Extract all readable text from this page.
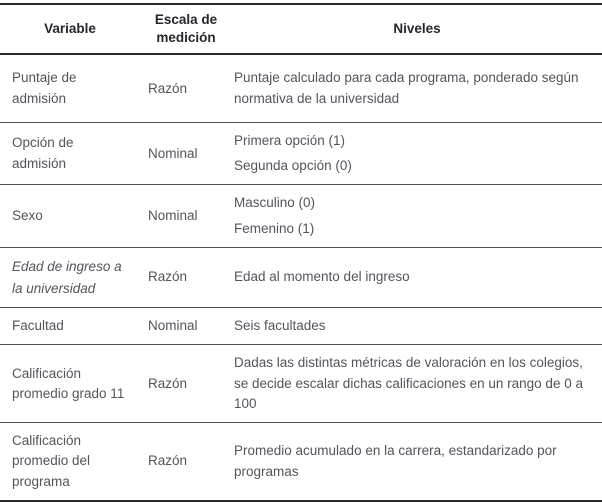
Variable	Escala de medición	Niveles

Puntaje de admisión	Razón	Puntaje calculado para cada programa, ponderado según normativa de la universidad

Opción de admisión	Nominal	Primera opción (1)
Segunda opción (0)

Sexo	Nominal	Masculino (0)
Femenino (1)

Edad de ingreso a la universidad	Razón	Edad al momento del ingreso

Facultad	Nominal	Seis facultades

Calificación promedio grado 11	Razón	Dadas las distintas métricas de valoración en los colegios, se decide escalar dichas calificaciones en un rango de 0 a 100

Calificación promedio del programa	Razón	Promedio acumulado en la carrera, estandarizado por programas
